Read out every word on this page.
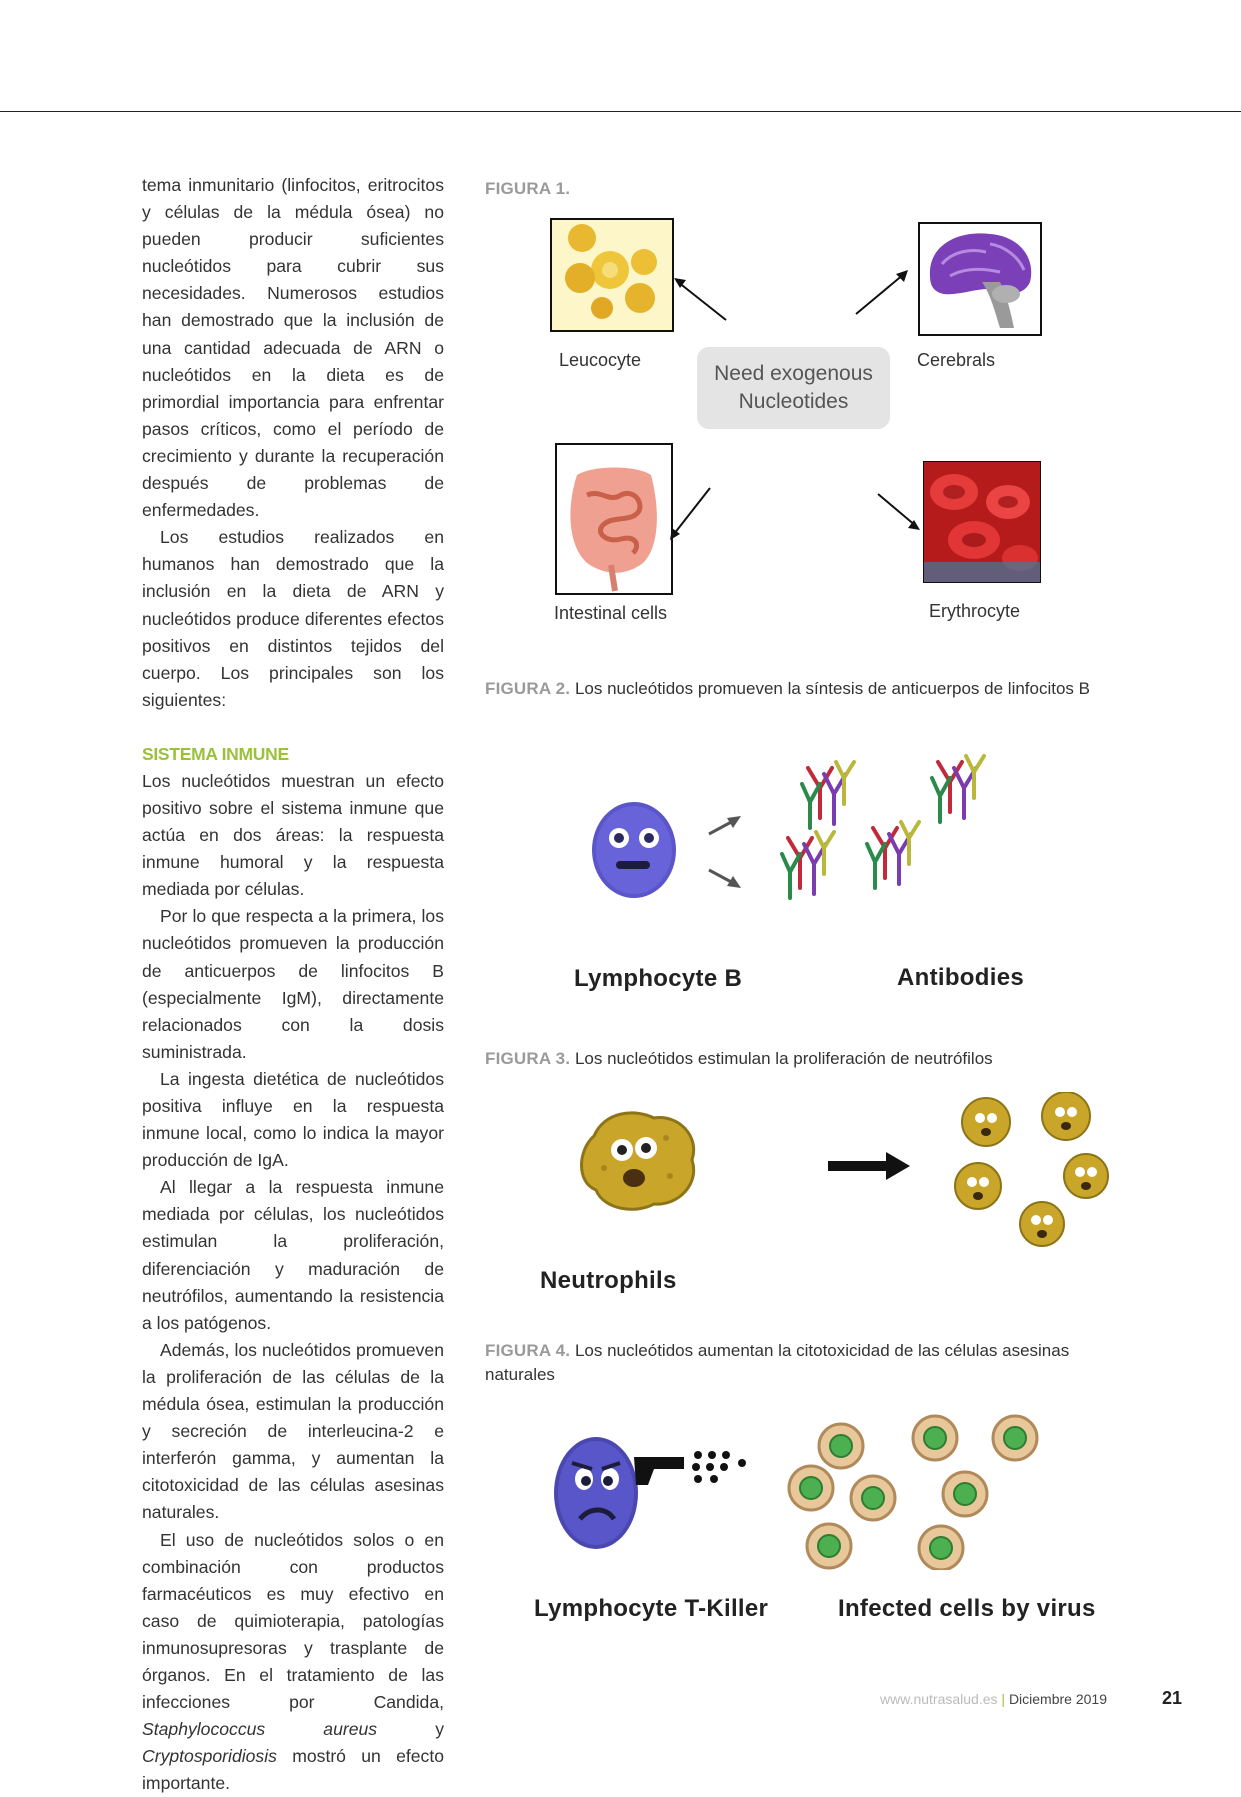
tema inmunitario (linfocitos, eritrocitos y células de la médula ósea) no pueden producir suficientes nucleótidos para cubrir sus necesidades. Numerosos estudios han demostrado que la inclusión de una cantidad adecuada de ARN o nucleótidos en la dieta es de primordial importancia para enfrentar pasos críticos, como el período de crecimiento y durante la recuperación después de problemas de enfermedades.

Los estudios realizados en humanos han demostrado que la inclusión en la dieta de ARN y nucleótidos produce diferentes efectos positivos en distintos tejidos del cuerpo. Los principales son los siguientes:

SISTEMA INMUNE

Los nucleótidos muestran un efecto positivo sobre el sistema inmune que actúa en dos áreas: la respuesta inmune humoral y la respuesta mediada por células.

Por lo que respecta a la primera, los nucleótidos promueven la producción de anticuerpos de linfocitos B (especialmente IgM), directamente relacionados con la dosis suministrada.

La ingesta dietética de nucleótidos positiva influye en la respuesta inmune local, como lo indica la mayor producción de IgA.

Al llegar a la respuesta inmune mediada por células, los nucleótidos estimulan la proliferación, diferenciación y maduración de neutrófilos, aumentando la resistencia a los patógenos.

Además, los nucleótidos promueven la proliferación de las células de la médula ósea, estimulan la producción y secreción de interleucina-2 e interferón gamma, y aumentan la citotoxicidad de las células asesinas naturales.

El uso de nucleótidos solos o en combinación con productos farmacéuticos es muy efectivo en caso de quimioterapia, patologías inmunosupresoras y trasplante de órganos. En el tratamiento de las infecciones por Candida, Staphylococcus aureus y Cryptosporidiosis mostró un efecto importante.

FIGURA 1.
Leucocyte	Cerebrals
Need exogenous Nucleotides
Intestinal cells	Erythrocyte
FIGURA 2. Los nucleótidos promueven la síntesis de anticuerpos de linfocitos B
Lymphocyte B	Antibodies
FIGURA 3. Los nucleótidos estimulan la proliferación de neutrófilos
Neutrophils
FIGURA 4. Los nucleótidos aumentan la citotoxicidad de las células asesinas naturales
Lymphocyte T-Killer	Infected cells by virus
www.nutrasalud.es | Diciembre 2019	21
